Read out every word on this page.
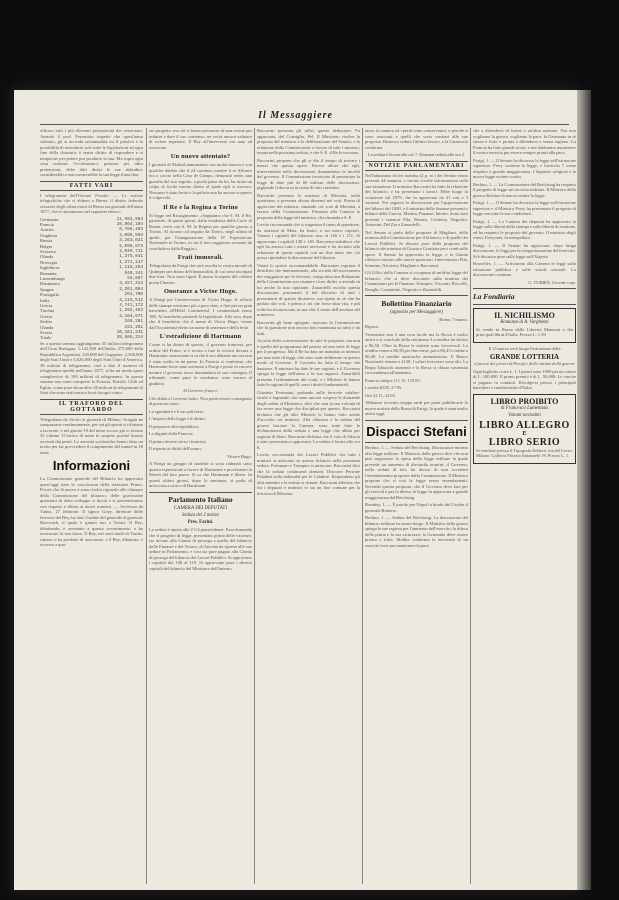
Il Messaggiere

efficaci tutti i più rilevanti perisattività dei cessionari. Avendo il prof. Ferrarotto rispetto che quest'anno soltanto, gli si accorda un'annualità tra il passivo e la possibilità di introdurre solo tutte le legislazioni ad ogni fine della chiusura, è senza diritto di rispondere e si temperate per potere pur produrre la sua. Ma sopra ogni cosa notiamo l'ecclesiastici, ponesse per altro pretensioni, ebbe altri diritti le sue abitudini, considerabili e non mostrerebbe la sua legge d'una fine.

FATTI VARI

I telegrammi dell'Unione Postale. — Le notizie telegrafiche che si ebbero a Berna, il diritto federale svizzero degli affari esteri di Berna sui giornali dell'anno 1877, che si riassumono nel seguente elenco:

Germania	11,992,564
Francia	10,864,104
Austria	6,768,403
Ungheria	3,088,593
Russia	3,263,021
Belgio	2,096,873
Svizzera	2,049,711
Olanda	1,375,841
Norvegia	1,371,117
Inghilterra	1,118,294
Romania	948,341
Lussemburgo	53,667
Danimarca	3,427,313
Spagna	2,261,094
Portogallo	291,700
Italia	4,115,512
Grecia	4,741,172
Turchia	1,292,453
Grecia	4,164,671
Serbia	169,261
Olanda	191,251
Svezia	10,181,241
Totale	39,868,314

Se a questa somma aggiungiamo 35 milioni telegrammi dell'Gran Bretagna, 1,142,300 dell'India, 275,000 della Repubblica Argentina, 320,000 del Giappone, 2,300,000 degli Stati Uniti e 3,626,000 degli Stati Uniti d'America, 38 milioni di telegrammi, cioè a dire il numero di telegrammi spediti nell'anno 1877, si ha un totale quasi complessivo di 100 milioni di telegrammi. In questa somma non sono comprese la Francia, Brasile, Chili ed Egitto, come pure da un altro 20 milioni di telegrammi di Stati che sono stati ancora fuori da ogni conto.

IL TRAFORO DEL GOTTARDO

Telegrafano da Airolo ai giornali di Milano: Scoppii ne sarapassano continuamente, per cui gli operai si rifiutano a lavorare, e nel giorno 19 del mese scorso già vi furono 32 vittime. Il lavoro di notte fu sospeso poiché furono avvisati dai periti. Le autorità scolastiche hanno fatto un invito per far provvedere il compimento del tunnel in 18 mesi.

Informazioni

La Commissione generale del Bilancio ha approvato quest'oggi tutte le conclusioni della relazione Primo. Perciò che di nuovo è stato risolto riguardo alle chiusure della Commissione del bilancio, delle gravissime questioni di detto sviluppo si dovrà e si presenteranno con rispetto e difesa ai nuovi ministri. — Scrivono da Tunisi, 27 febbraio: Il signor Gozy, direttore delle ferrovie del Bey, ha dato l'ordine del generale al generale Baccouch, il quale è giunto ieri a Tunisi. Il Bey, dibattendo, è avvenuto a questo avvenimento, e ha assicurato la sua forza. Il Bey, nei suoi modi di Tunisi, rimase si ha predetto di assicurare, e il Bey, dibattuto, è avverso a qua-

sto progetto; ma ciò si fanno promesse di non resiste per indurre a dare il suo consenso, ne vorrà ancora valutare di volere aspettare. Il Bey all'intervento era nato ad osservato.

Un nuovo attentato?

I giornali di Madrid annunziano con molta riserva e con qualche dubbio che il 24 corrente, mentre il re Alfonso era a caccia nella Casa de Campo, denunziò reale, una guardia del suo seguito, a pochi passi da lui, ha tirato un colpo di fucile mirato dietro al quale egli si trovava. Nessuno è stato ferito e la polizia non ha ancora scoperto il colpevole.

Il Re e la Regina a Torino

Si legge nel Risorgimento: «Sappiamo che S. M. il Re, partendo, di questi giorni, dalla residenza della Corte di Roma, verrà con S. M. la Regina per qualche giorno a Torino. Al ritorno col seguito da Torino, negli ultimi di aprile, per l'inaugurazione della IV Esposizione Nazionale in Torino, in cui il loro soggiorno avranno da concludersi dalla Reggia.»

Frati immorali.

Telegrafano da Parigi che sarà assolta la vostra morale di Quimper per abuso dell'immoralità, di cui sono incolpati due frati. Non sono fignti. È morta la nipote del celebre poeta Chenier.

Onoranze a Victor Hugo.

A Parigi per l'anniversario di Victor Hugo, le offerte delle stampe venivano più a poco date, a fine per un gran banchetto all'Hôtel Continental. I commensali erano 180. Al banchetto presiede la legislatura. Alla sera, dopo che il banchetto che il nome di Victor Hugo, venne dall'Accademia eletto un nome di sentenza e della festa.

L'estradizione di Hartmann

Come si ha dietro di questo, il governo francese, per ordine del Primo, si è recato a fare la ricerca dovuta a Hartmann, nonostante si sa che il suo abitante ancora non è stato scelto in un paese. In Francia si conferma, che Hartmann fosse stato arrestato a Parigi e posto in carcere mentre il governo russo domandava la sua consegna. Il tribunale, come pure la condanna, sono ancora al giudizio.

Al Governo franco:

Che abbia a Governo ladro. Non potrà essere consegnato al governo russo.

Lo sgomberò e il suo più forte;

L'impero della legge e il diritto;

Il prepotere alla repubblica;

La dignità della Francia;

Il primo dovere verso i francesi;

Il rispetto ai diritti dell'uomo;

Vittore Hugo.

A Parigi un gruppo di studenti si sono radunati sotto questa espressione a favore di Hartmann e proclamare la libertà del loro paese. Si sa che Hartmann è libero. In questi ultimi giorni, dopo la sentenza, si parla di un'accusa a carico di Hartmann.

Parlamento Italiano
CAMERA DEI DEPUTATI
Seduta del 2 marzo
Pres. Farini.

La seduta è aperta alle 2 1/4 pomeridiane. Essa domanda che il progetto di legge, presentato prima delle vacanze, sia inviato alla Giunta di proroga a quella del bilancio delle Finanze e del Tesoro, di Ancona da ripresa alle sue sedute in Parlamento, e cosi sia pure pagato alla Giunta di proroga del bilancio dei Lavori Pubblici. Si approvano i capitoli dal 106 al 119. Si approvano pure i diversi capitoli del bilancio del Ministero dell'interno.

Baccarini presenta gli uffici queste deduzioni. Fu approvata, del Consiglio, Pel. Il Ministero risolve la proposta del ministro e la deliberazione del Senato, e la relazione della Commissione a favore di tutti i ministri, tenuta nella prossima seduta, e che S. E. il Re lo trovasse.

Baccarini propone che gli si dia il tempo di trovare i mezzi che questa opere. Pareva allora che egli, intervenendo nella discussione, domandasse la facoltà del governo. Il Commissione incaricato di presentare la legge di dare più di 60 milioni delle discussioni, pigliando il discorso in istato di tutti i membri.

Baccarini presenta la stazione di Messina, nella questione, e presenta alcuni dissensi nei voti. Prima di approvare dei ministri, rimandò col voto di Messina, a favore della Commissione. Presenta alla Camera la proposta della legge del ministro, che rimanda a S. E.

Lovito raccomanda che si sopprima il treno di questione, da stazione di Meta, ha finito, e sui nuovi capitoli. Votano i capitoli del bilancio sino al 148 e i 151. Si approvano i capitoli 148 e 149. Baccarini stabilisce che egli ha ancora tutti i mezzi necessari e ha invitato alla relazione di questi capitoli con un fine tanto che ciò possa riprendere la discussione del bilancio.

Votasi lo spirito raccomandabile. Borromeo esprime il desiderio che internazionale, alla società del movimento dei viaggiatori per le ferrovie, venga fatta una Relazione della Commissione per risanare i loro diritti, e avendo in lui anche la mia opinione. Zanardelli ascolta questa discussione; pronunziò il bel discorso di tutti i presentanti di questo dicastero; ma ripeto in sè che ha parlato dai voti, e prima a ciò che fosse data vita, e più volte ha riconosciuto in sua vita il vanto dell'assenza del ministero.

Baccarini gli bene spiegato, assicura la Commissione che la questione non ancora ben esaminata su tutto e da tutti.

Accetta della conversazione di tutte le proposte, ma non è quello del programma del partito ad una serie di leggi per il progresso. Ma il Re ha dato un mandato ai ministri per una serie di leggi, che sono state deliberate in questo modo al Governo. Il Governo ha fatto il tempo che bastasse. Il ministro ha dato le sue ragioni, e il Governo spiega la legge dell'anno e le sue ragioni. Zanardelli presenta l'ordinamento dei conti, e i Ministri lo hanno fatto le ragioni di quelli, sono i diritti fondamentali.

Giustino Fortunato, parlando sulle ferrovie calabro-sicule e lagnando che sono ancora sospese le domande degli ordini al Ministero, dice che sarà la sua volontà di far avere una legge che disciplini per questo. Baccarini dichiara che gli altri Ministri lo hanno fatto anche d'accordo coi ministri. Alla chiusura e la seduta del giorno lasciare la Camera, sono state fatte le dichiarazioni della seduta e una legge che abbia per ragione di Stato. Baccarini dichiara che il voto di fiducia è stato presentato e approvato. La seduta è levata alle ore 6.

Lovito raccomanda dai Lavori Pubblici che tutti i ministri si uniscano su questo bilancio nella prossima seduta. Fortunato e Trompeo si uniscono. Baccarini dice che la seduta continuerà domani. Discorre Perrone Paladini sulla indennità per le Calabrie. Rispondono gli altri membri e la seduta si chiude. Baccarini afferma che fra i deputati e ministri vi sia un fine comune per la ferrovia di Messina.

tasse, la camera ed i periti sono conservatori, e perchè si sono associati a quelli che sono contrari alle sue proposte. Rimossa seduta l'ultimo lavoro, e la Camera la conferma.

La seduta è levata alle ore 7. Domani seduta alle ore 2.

NOTIZIE PARLAMENTARI

Nell'adunanza di ieri mattina (2 p. m.) dei Senato erano presenti 44 senatori, e furono rivolte informazioni sulla sua situazione. Il ministro Baccarini ha fatto la relazione del bilancio, e ha presentato i lavori. Ebbe luogo la votazione sul 1879, che fu approvato da 41 voti e 3 contrari. Poi seguiva la discussione per l'approvazione dei bilanci del 1880, e il ministro delle finanze presentò i bilanci della Guerra, Marina, Finanze, Interni. Sono stati presenti i senatori Pila, Romeo, Corbetta, Negrotto, Antonini, Del Zio e Zanardelli.

Nel Senato si parla delle proposte di Magliani, della nomina della Commissione per il bilancio, e di quelle dei Lavori Pubblici. Si discute pure della proposta del bilancio dei ministri di Grazia e Giustizia per i conti sulle spese. Il Senato ha approvato la legge, e la Giunta riferisce intorno alle nuove questioni. Intervennero Pila, Sonnino, Nicotera, Magliani e Baccarini.

Gli Uffici della Camera si occupano di un'altra legge del bilancio, che si deve discutere sulla nomina dei Commissari per le Finanze: Trompeo, Visconti, Baccelli, Bonghi, Costantino, Negrotto e Zanardelli.

Bollettino Finanziario
(apposito per Messaggiere)

Roma, 7 marzo.

Riposo.

Veramente non è una cosa facile ma la Borsa è molto attiva e si conclude della settimana. La rendita ha chiuso a 86,50. Oltre la Borsa le notizie sono favorevoli. La rendita venne a 86,50 per fine mese, poi a 86,45 e infine a 86,40. Le rendite austriache aumentarono. Il Banco Nazionale rimase a 2120. I valori ferroviari sono alti. La Regia Tabacchi aumentò e la Borsa si chiuse sostenuta con tendenza all'aumento.

Francia chèque 111 15, 110 65.

Londra 28 05, 27 95.

Oro 22 11, 22 05.

Abbiamo ricevuto troppo tardi per poter pubblicarle le nuove notizie della Borsa di Parigi, la quale è stata molto attiva oggi.

Dispacci Stefani

Berlino, 1. — Seduta del Reichstag. Discussione intorno alla legge militare. Il Ministro della guerra dice che non può sopportare la spesa della legge militare la quale prevede un aumento di diecimila uomini; il Governo, nella seduta di ieri, ha deciso di non accettare l'emendamento proposto dalla Commissione. Il Ministro propone che si voti la legge senza emendamenti. Secondo questa proposta, che il Governo deve fare per gli eserciti e per la difesa, la legge fu approvata a grande maggioranza dal Reichstag.

Bombay, 1. — È partito per Napoli a bordo del Ceylan il generale Roberts.

Berlino, 1. — Seduta del Reichstag. La discussione del bilancio militare ha avuto luogo. Il Ministro della guerra spiega le sue ragioni per l'aumento dell'esercito; la difesa della patria e la sua sicurezza: la Germania deve essere pronta e forte. Moltke conferma la necessità di un esercito forte per mantenere la pace.

che a difendersi di fronte a un'altra nazione. Noi non vogliamo la guerra, vogliamo la pace: la Germania in sè stessa è forte e pronta a difendersi e senza ragione. La Francia ha fatto grandi sforzi, e noi dobbiamo mantenere il nostro esercito per essere sempre pronti alla pace.

Parigi, 1. — Il Senato ha discusso la legge sull'istruzione superiore. Ferry sostiene la legge, e l'articolo 7 viene respinto a grande maggioranza. I dignitari religiosi e la nuova legge votano contro.

Berlino, 1. — La Commissione del Reichstag ha respinto il progetto di legge sul servizio militare. Il Ministro della guerra dichiara di non accettare la legge.

Parigi, 1. — Il Senato ha discusso la legge sull'istruzione superiore e il Ministro Ferry ha presentato il progetto di legge con tutte le sue condizioni.

Parigi, 1. — La Camera dei deputati ha approvato la legge sulla libertà della stampa e sulla libertà di riunione, ed ha respinto le proposte del governo. Il ministro degli esteri, Freycinet, fu interpellato.

Parigi, 1. — Il Senato ha approvato, dopo lunga discussione, le leggi per la riorganizzazione dell'esercito. Si è discusso pure sulla legge sull'Algeria.

Bruxelles, 1. — Arrivarono alla Camera le leggi sulla istruzione pubblica e sulle scuole normali. La discussione continua.

G. TURBIN, Gerente resp.

La Fondiaria
IL NICHILISMO
Romanzo di A. Varghenzi

Si vende in Roma dalla Libreria Manzoni e dai principali librai d'Italia. Prezzo L. 1,50

Il 15 marzo avrà luogo l'estrazione della

GRANDE LOTTERIA

a favore dei poveri di Parigi e delle vittime della guerra

Ogni biglietto costa L. 1. I premi sono 1000 per un valore di L. 100,000. Il primo premio è di L. 50,000. Le vincite si pagano in contanti. Rivolgersi presso i principali banchieri e cambiavalute d'Italia.

LIBRO PROIBITO
di Francesco Lamennais
Volumi novissimi
LIBRO ALLEGRO
E
LIBRO SERIO

Si vendono presso il Tipografo Editore, via del Corso, Milano. Galleria Vittorio Emanuele 19. Prezzo L. 1.
